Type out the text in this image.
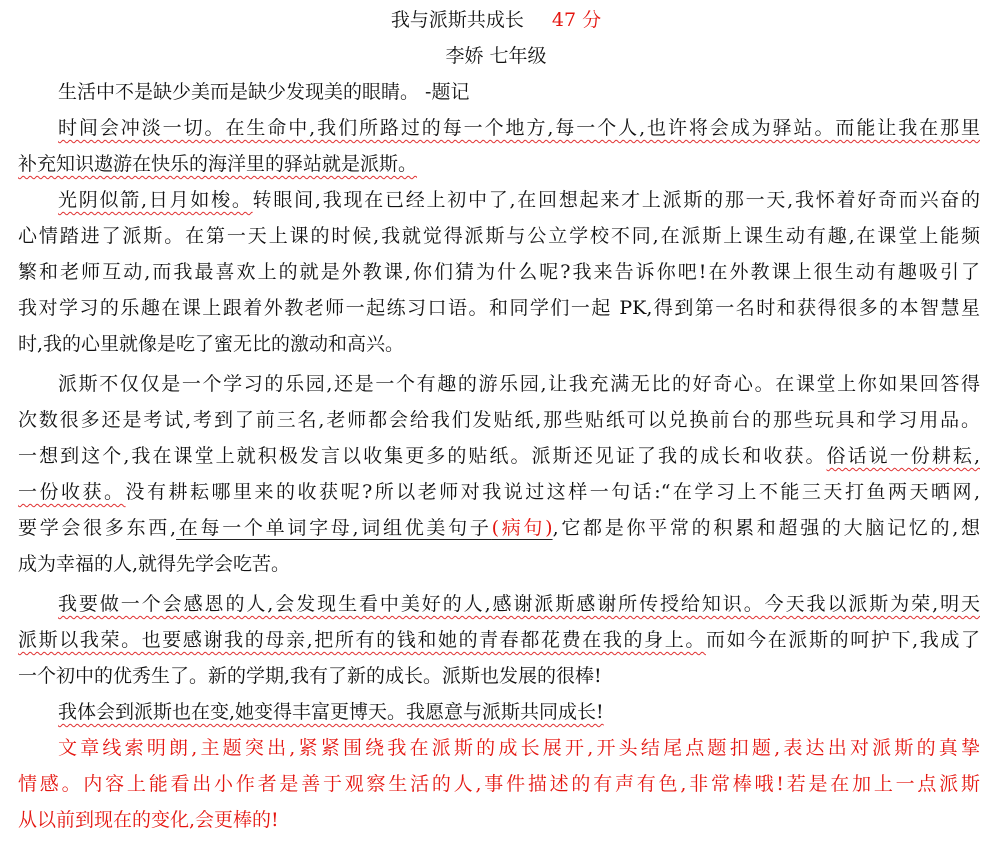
我与派斯共成长 47 分
李娇 七年级
生活中不是缺少美而是缺少发现美的眼睛。 -题记
时间会冲淡一切。在生命中,我们所路过的每一个地方,每一个人,也许将会成为驿站。而能让我在那里
补充知识遨游在快乐的海洋里的驿站就是派斯。
光阴似箭,日月如梭。转眼间,我现在已经上初中了,在回想起来才上派斯的那一天,我怀着好奇而兴奋的
心情踏进了派斯。在第一天上课的时候,我就觉得派斯与公立学校不同,在派斯上课生动有趣,在课堂上能频
繁和老师互动,而我最喜欢上的就是外教课,你们猜为什么呢?我来告诉你吧!在外教课上很生动有趣吸引了
我对学习的乐趣在课上跟着外教老师一起练习口语。和同学们一起 PK,得到第一名时和获得很多的本智慧星
时,我的心里就像是吃了蜜无比的激动和高兴。
派斯不仅仅是一个学习的乐园,还是一个有趣的游乐园,让我充满无比的好奇心。在课堂上你如果回答得
次数很多还是考试,考到了前三名,老师都会给我们发贴纸,那些贴纸可以兑换前台的那些玩具和学习用品。
一想到这个,我在课堂上就积极发言以收集更多的贴纸。派斯还见证了我的成长和收获。俗话说一份耕耘,
一份收获。没有耕耘哪里来的收获呢?所以老师对我说过这样一句话:“在学习上不能三天打鱼两天晒网,
要学会很多东西,在每一个单词字母,词组优美句子(病句),它都是你平常的积累和超强的大脑记忆的,想
成为幸福的人,就得先学会吃苦。
我要做一个会感恩的人,会发现生看中美好的人,感谢派斯感谢所传授给知识。今天我以派斯为荣,明天
派斯以我荣。也要感谢我的母亲,把所有的钱和她的青春都花费在我的身上。而如今在派斯的呵护下,我成了
一个初中的优秀生了。新的学期,我有了新的成长。派斯也发展的很棒!
我体会到派斯也在变,她变得丰富更博天。我愿意与派斯共同成长!
文章线索明朗,主题突出,紧紧围绕我在派斯的成长展开,开头结尾点题扣题,表达出对派斯的真挚
情感。内容上能看出小作者是善于观察生活的人,事件描述的有声有色,非常棒哦!若是在加上一点派斯
从以前到现在的变化,会更棒的!
